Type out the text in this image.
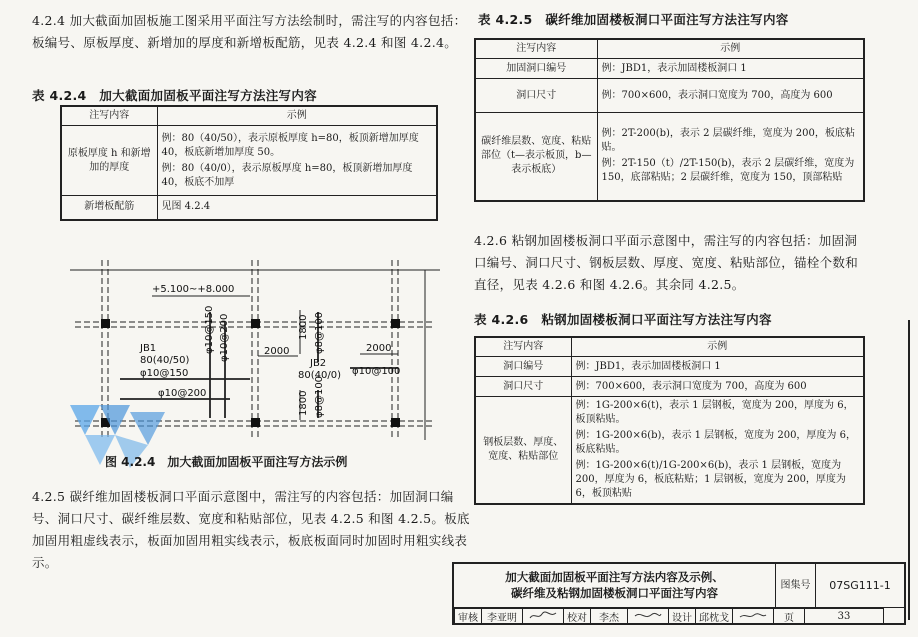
4.2.4 加大截面加固板施工图采用平面注写方法绘制时，需注写的内容包括：板编号、原板厚度、新增加的厚度和新增板配筋，见表 4.2.4 和图 4.2.4。

表 4.2.4　加大截面加固板平面注写方法注写内容
注写内容	示例
原板厚度 h 和新增加的厚度	例：80（40/50），表示原板厚度 h=80，板顶新增加厚度 40，板底新增加厚度 50。
例：80（40/0），表示原板厚度 h=80，板顶新增加厚度 40，板底不加厚

新增板配筋	见图 4.2.4
+5.100~+8.000
JB1
80(40/50)
φ10@150
JB2
80(40/0) φ10@100
φ10@200
2000	2000
φ10@150 φ10@200	1800
1800
φ8@100
φ8@100
图 4.2.4　加大截面加固板平面注写方法示例

4.2.5 碳纤维加固楼板洞口平面示意图中，需注写的内容包括：加固洞口编号、洞口尺寸、碳纤维层数、宽度和粘贴部位，见表 4.2.5 和图 4.2.5。板底加固用粗虚线表示，板面加固用粗实线表示，板底板面同时加固时用粗实线表示。

表 4.2.5　碳纤维加固楼板洞口平面注写方法注写内容
注写内容	示例
加固洞口编号	例：JBD1，表示加固楼板洞口 1
洞口尺寸	例：700×600，表示洞口宽度为 700，高度为 600
碳纤维层数、宽度、粘贴部位（t—表示板顶，b—表示板底）	例：2T-200(b)，表示 2 层碳纤维，宽度为 200，板底粘贴。
例：2T-150（t）/2T-150(b)，表示 2 层碳纤维，宽度为 150，底部粘贴；2 层碳纤维，宽度为 150，顶部粘贴

4.2.6 粘钢加固楼板洞口平面示意图中，需注写的内容包括：加固洞口编号、洞口尺寸、钢板层数、厚度、宽度、粘贴部位，锚栓个数和直径，见表 4.2.6 和图 4.2.6。其余同 4.2.5。

表 4.2.6　粘钢加固楼板洞口平面注写方法注写内容
注写内容	示例
洞口编号	例：JBD1，表示加固楼板洞口 1
洞口尺寸	例：700×600，表示洞口宽度为 700，高度为 600
钢板层数、厚度、宽度、粘贴部位	例：1G-200×6(t)，表示 1 层钢板，宽度为 200，厚度为 6，板顶粘贴。
例：1G-200×6(b)，表示 1 层钢板，宽度为 200，厚度为 6，板底粘贴。
例：1G-200×6(t)/1G-200×6(b)，表示 1 层钢板，宽度为 200，厚度为 6，板底粘贴；1 层钢板，宽度为 200，厚度为 6，板顶粘贴
加大截面加固板平面注写方法内容及示例、
碳纤维及粘钢加固楼板洞口平面注写内容
图集号	07SG111-1
审核	李亚明		校对	李杰		设计	邱枕戈		页	33
